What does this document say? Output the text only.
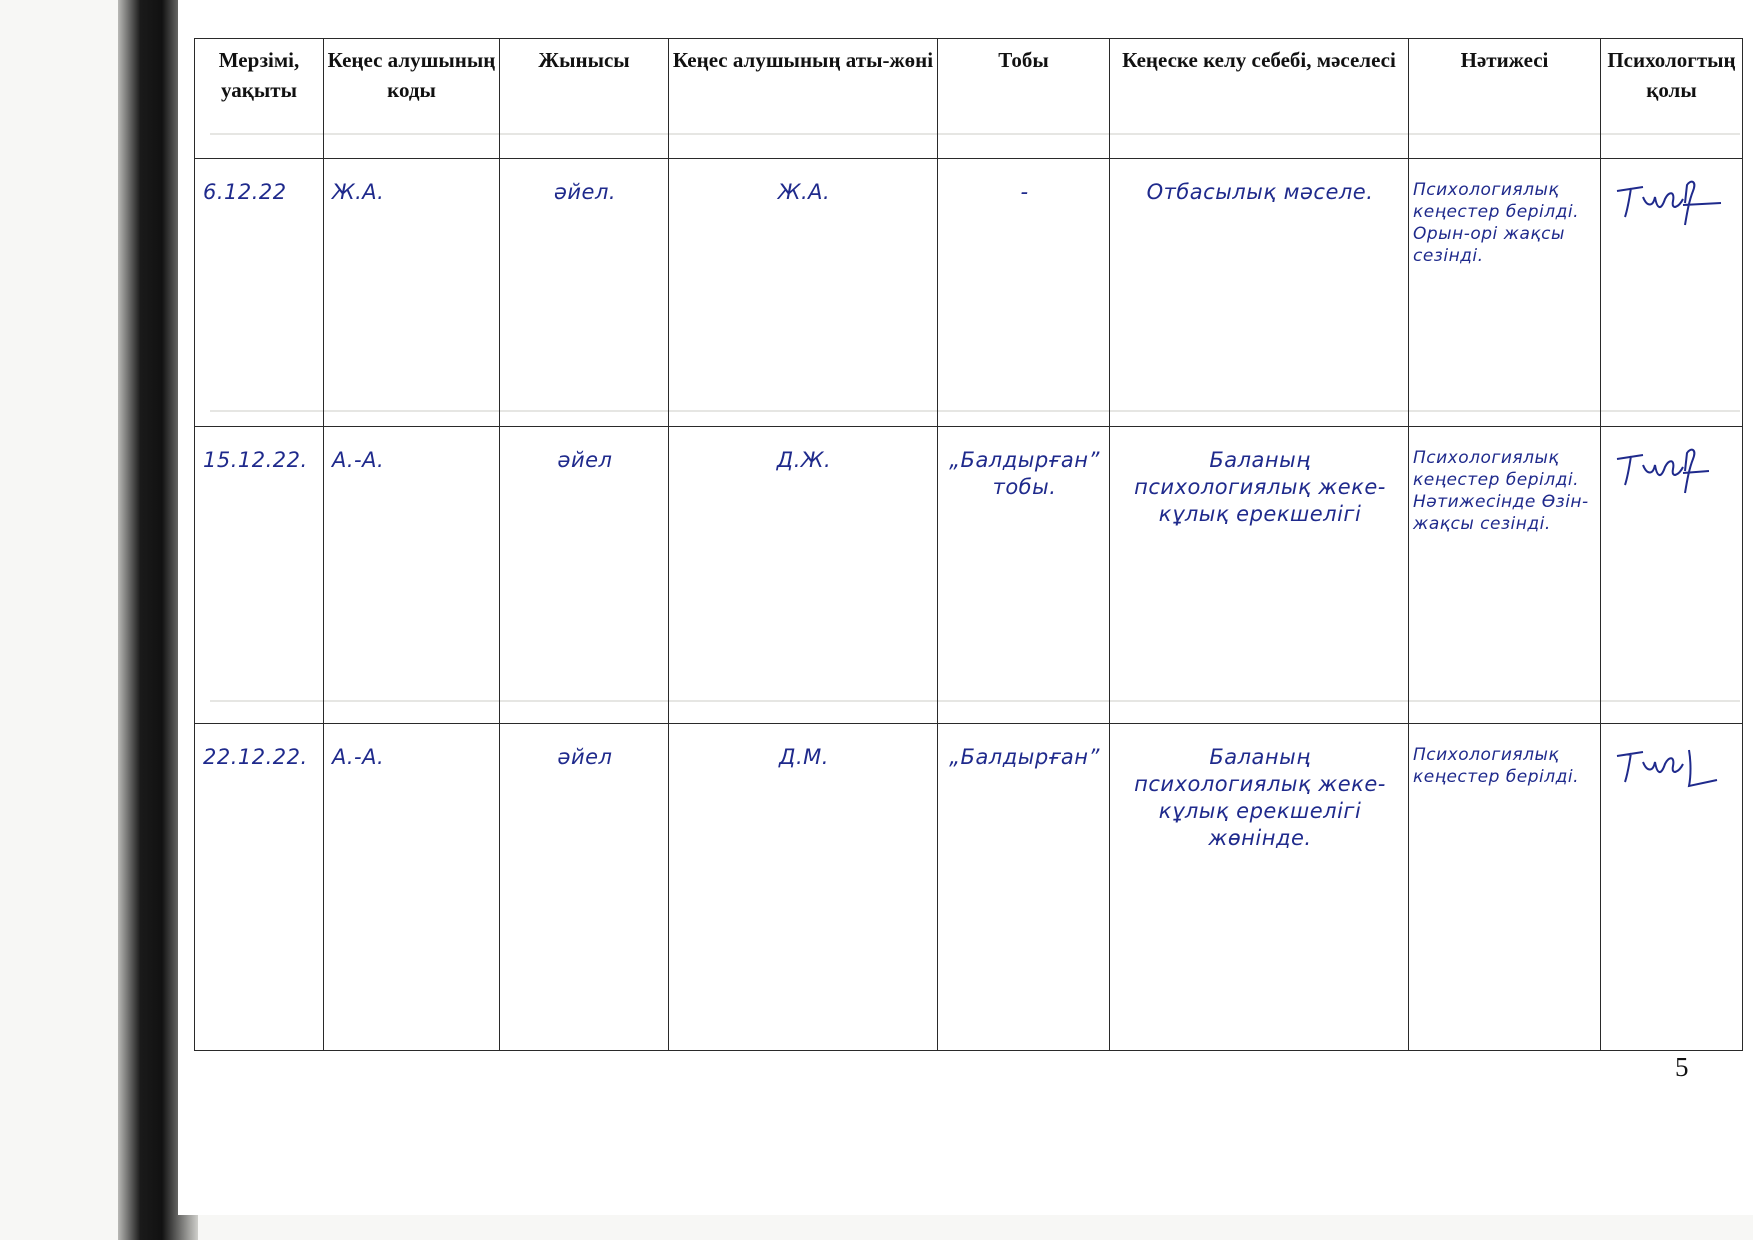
Мерзімі, уақыты	Кеңес алушының коды	Жынысы	Кеңес алушының аты-жөні	Тобы	Кеңеске келу себебі, мәселесі	Нәтижесі	Психологтың қолы

6.12.22	Ж.А.	әйел.	Ж.А.	-	Отбасылық мәселе.	Психологиялық кеңестер берілді. Орын-орі жақсы сезінді.

15.12.22.	А.-А.	әйел	Д.Ж.	„Балдырған” тобы.	Баланың психологиялық жеке-кұлық ерекшелігі	Психологиялық кеңестер берілді. Нәтижесінде Өзін-жақсы сезінді.

22.12.22.	А.-А.	әйел	Д.М.	„Балдырған”	Баланың психологиялық жеке-кұлық ерекшелігі жөнінде.	Психологиялық кеңестер берілді.

5
